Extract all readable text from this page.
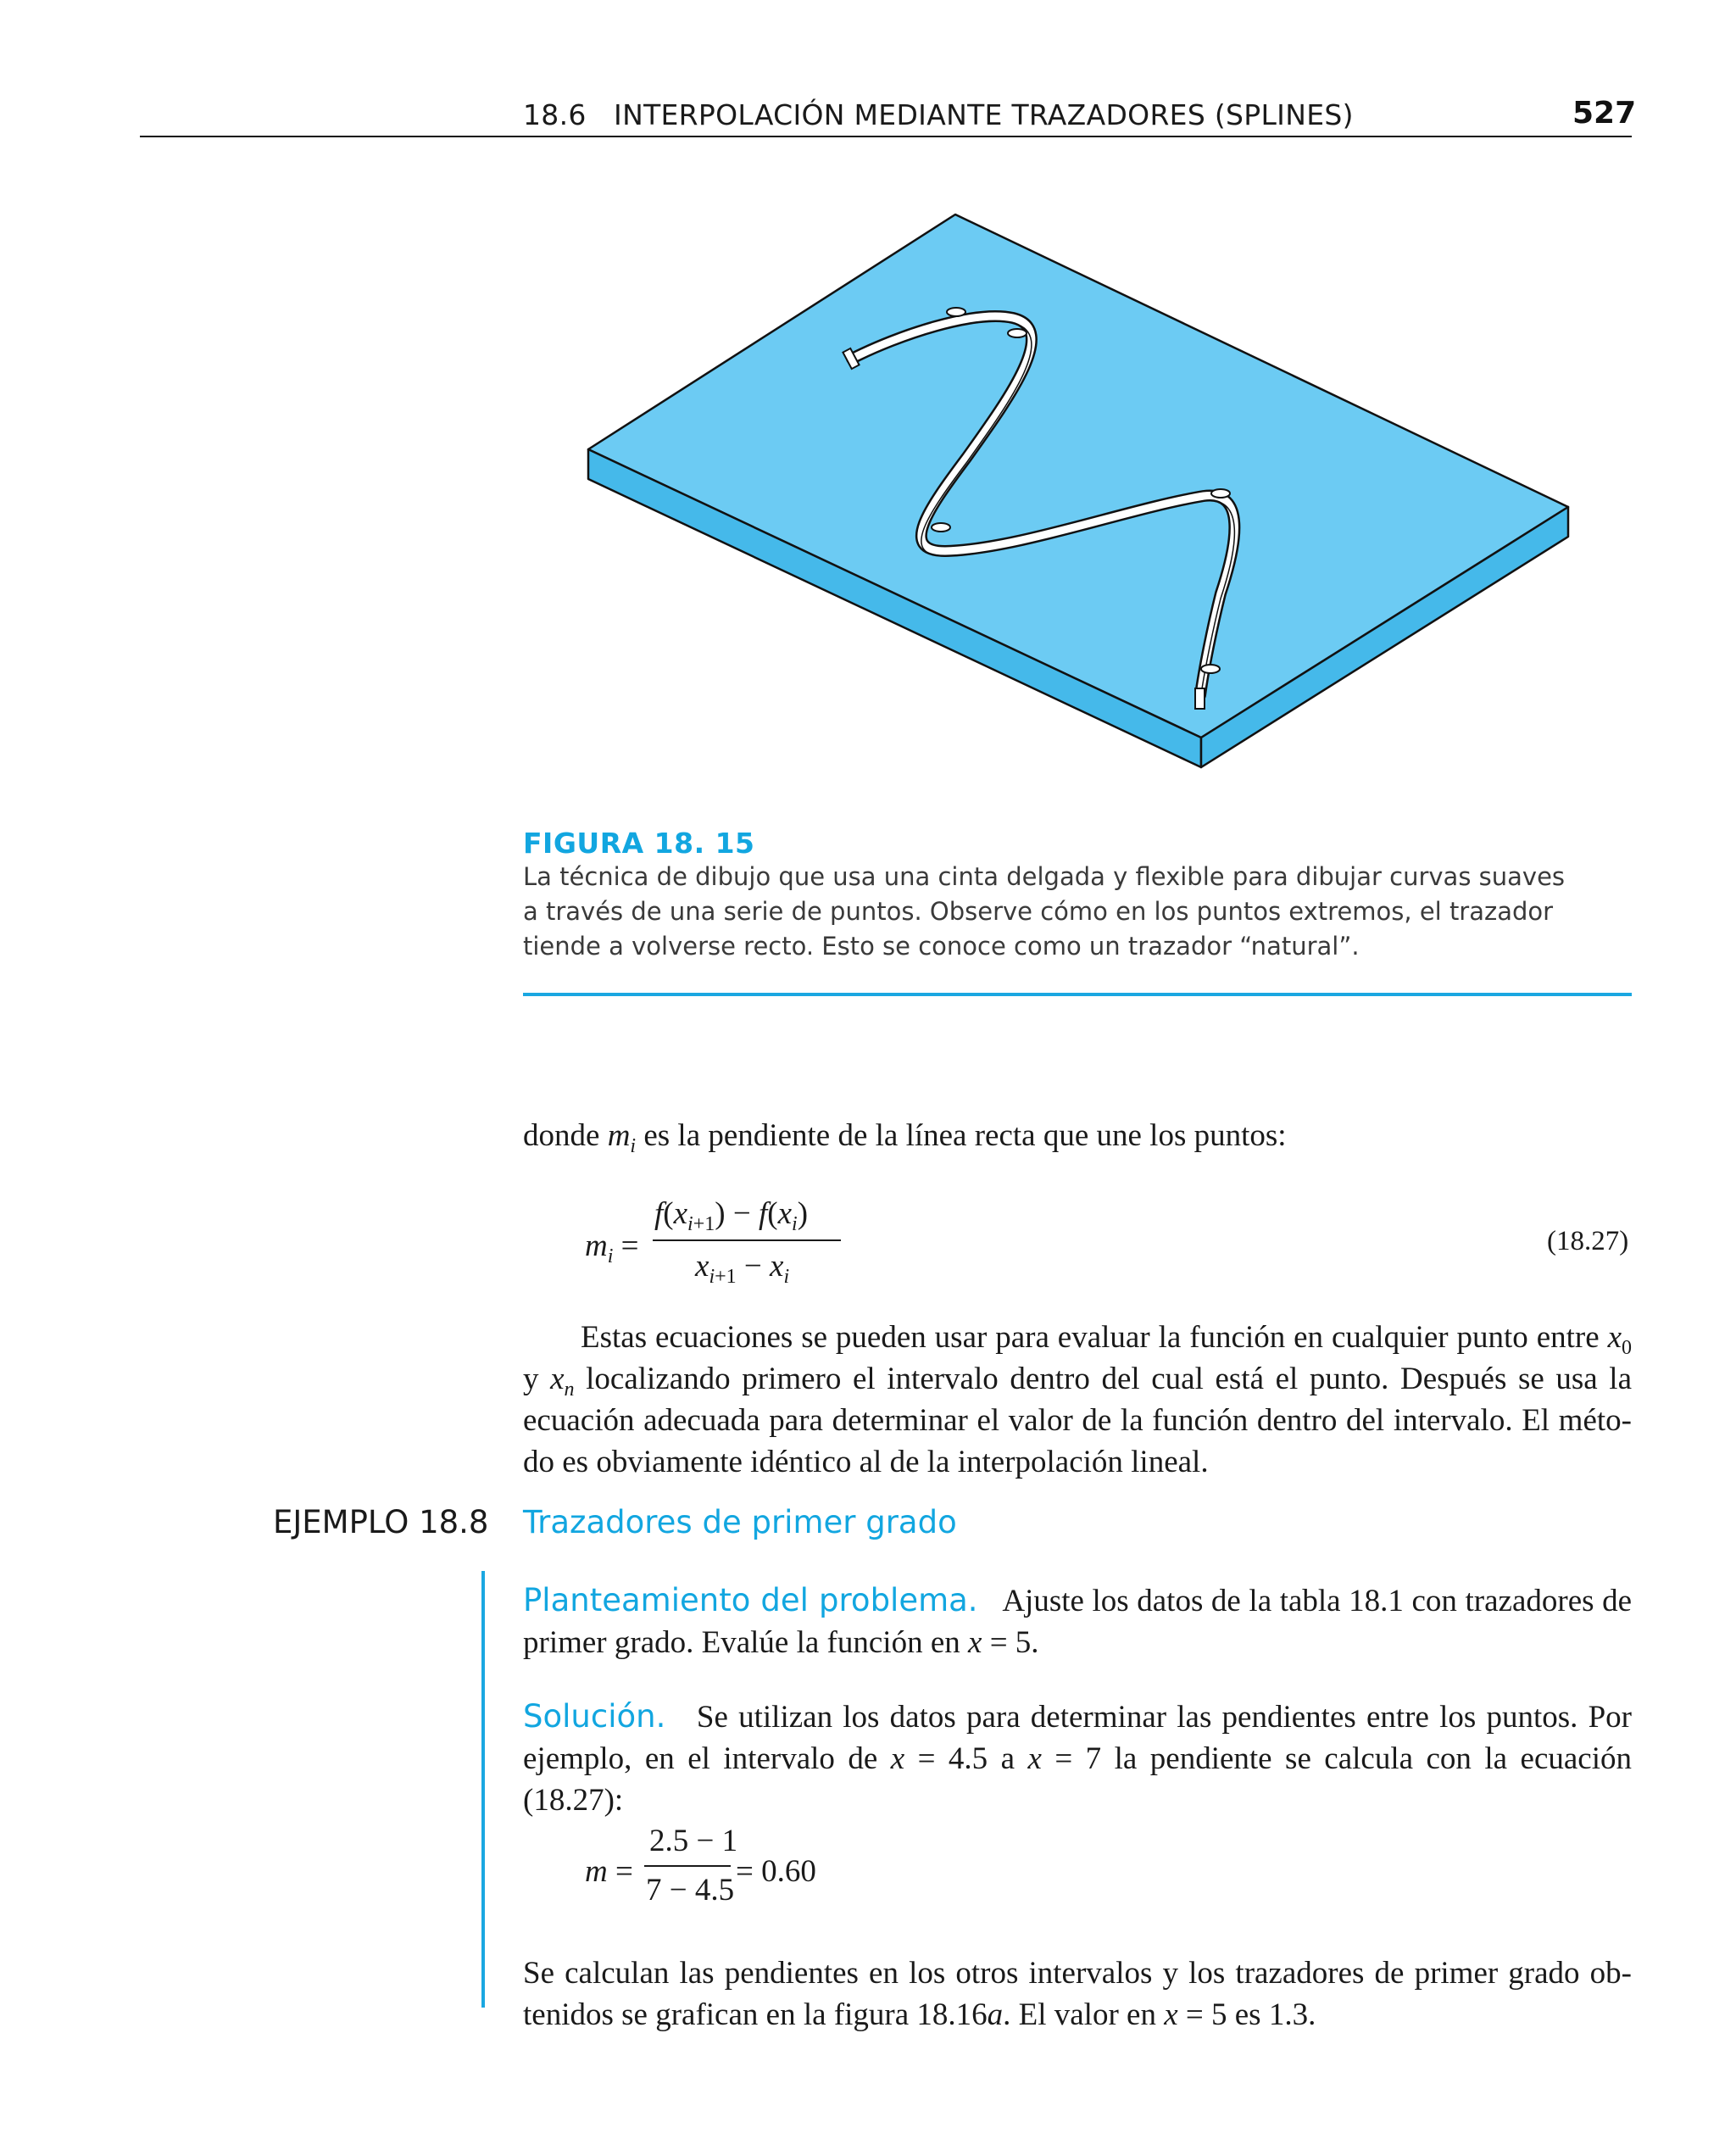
18.6   INTERPOLACIÓN MEDIANTE TRAZADORES (SPLINES)	527
FIGURA 18. 15
La técnica de dibujo que usa una cinta delgada y flexible para dibujar curvas suaves
a través de una serie de puntos. Observe cómo en los puntos extremos, el trazador
tiende a volverse recto. Esto se conoce como un trazador “natural”.
donde $m_i$ es la pendiente de la línea recta que une los puntos:
$m_i$ =
$f(x_{i+1}) - f(x_i)$
$x_{i+1} - x_i$
(18.27)
Estas ecuaciones se pueden usar para evaluar la función en cualquier punto entre $x_0$
y $x_n$ localizando primero el intervalo dentro del cual está el punto. Después se usa la
ecuación adecuada para determinar el valor de la función dentro del intervalo. El méto-
do es obviamente idéntico al de la interpolación lineal.
EJEMPLO 18.8 Trazadores de primer grado
Planteamiento del problema. Ajuste los datos de la tabla 18.1 con trazadores de
primer grado. Evalúe la función en x = 5.
Solución. Se utilizan los datos para determinar las pendientes entre los puntos. Por
ejemplo, en el intervalo de x = 4.5 a x = 7 la pendiente se calcula con la ecuación (18.27):
m =
2.5 − 1
7 − 4.5
= 0.60
Se calculan las pendientes en los otros intervalos y los trazadores de primer grado ob-
tenidos se grafican en la figura 18.16a. El valor en x = 5 es 1.3.
